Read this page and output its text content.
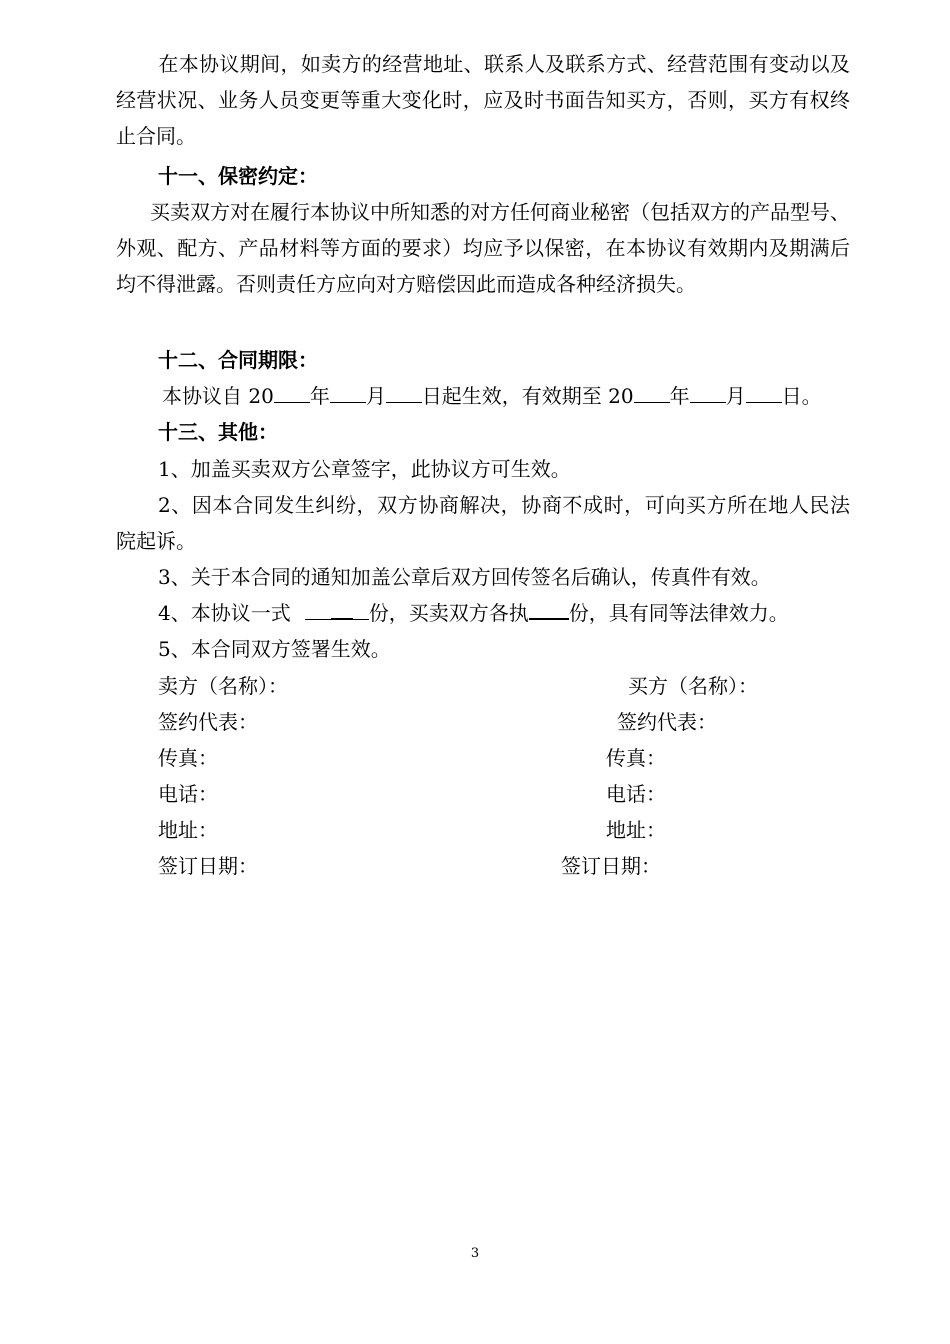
在本协议期间，如卖方的经营地址、联系人及联系方式、经营范围有变动以及经营状况、业务人员变更等重大变化时，应及时书面告知买方，否则，买方有权终止合同。

十一、保密约定：

买卖双方对在履行本协议中所知悉的对方任何商业秘密（包括双方的产品型号、外观、配方、产品材料等方面的要求）均应予以保密，在本协议有效期内及期满后均不得泄露。否则责任方应向对方赔偿因此而造成各种经济损失。

十二、合同期限：

本协议自 20 年 月 日起生效，有效期至 20 年 月 日。

十三、其他：

1、加盖买卖双方公章签字，此协议方可生效。

2、因本合同发生纠纷，双方协商解决，协商不成时，可向买方所在地人民法院起诉。

3、关于本合同的通知加盖公章后双方回传签名后确认，传真件有效。

4、本协议一式	份，买卖双方各执 份，具有同等法律效力。

5、本合同双方签署生效。

卖方（名称）：
签约代表：
传真：
电话：
地址：
签订日期：
买方（名称）：
签约代表：
传真：
电话：
地址：
签订日期：
3
